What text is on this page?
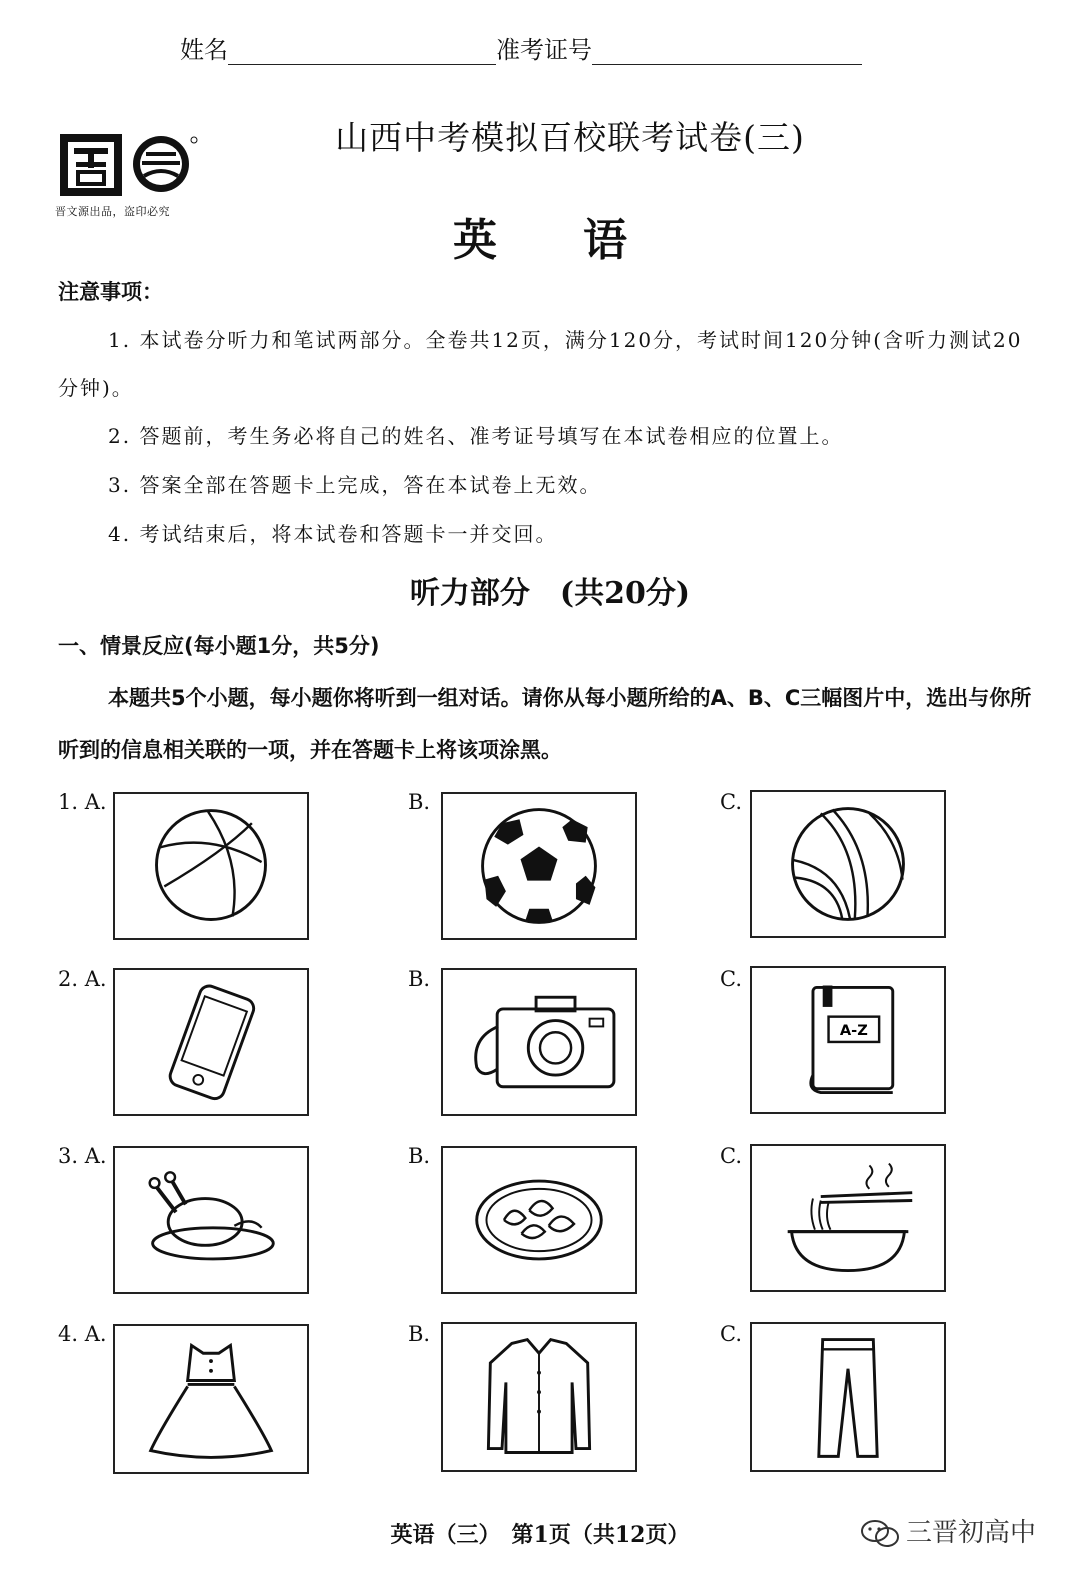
姓名	准考证号
晋文源出品，盗印必究
山西中考模拟百校联考试卷(三)
英语
注意事项：
1. 本试卷分听力和笔试两部分。全卷共12页，满分120分，考试时间120分钟(含听力测试20分钟)。
2. 答题前，考生务必将自己的姓名、准考证号填写在本试卷相应的位置上。
3. 答案全部在答题卡上完成，答在本试卷上无效。
4. 考试结束后，将本试卷和答题卡一并交回。
听力部分　(共20分)
一、情景反应(每小题1分，共5分)
本题共5个小题，每小题你将听到一组对话。请你从每小题所给的A、B、C三幅图片中，选出与你所听到的信息相关联的一项，并在答题卡上将该项涂黑。
1. A.	B.	C.
2. A.	B.	C.
A-Z
3. A.	B.	C.
4. A.	B.	C.
英语（三）　第1页（共12页）	三晋初高中
